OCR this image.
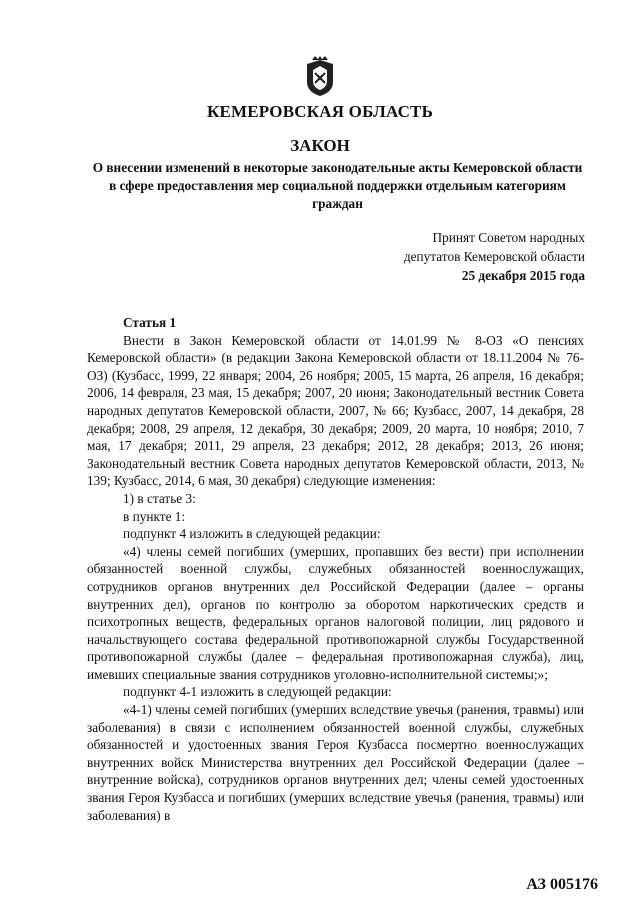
КЕМЕРОВСКАЯ ОБЛАСТЬ
ЗАКОН
О внесении изменений в некоторые законодательные акты Кемеровской области в сфере предоставления мер социальной поддержки отдельным категориям граждан
Принят Советом народных
депутатов Кемеровской области
25 декабря 2015 года
Статья 1

Внести в Закон Кемеровской области от 14.01.99 № 8-ОЗ «О пенсиях Кемеровской области» (в редакции Закона Кемеровской области от 18.11.2004 № 76-ОЗ) (Кузбасс, 1999, 22 января; 2004, 26 ноября; 2005, 15 марта, 26 апреля, 16 декабря; 2006, 14 февраля, 23 мая, 15 декабря; 2007, 20 июня; Законодательный вестник Совета народных депутатов Кемеровской области, 2007, № 66; Кузбасс, 2007, 14 декабря, 28 декабря; 2008, 29 апреля, 12 декабря, 30 декабря; 2009, 20 марта, 10 ноября; 2010, 7 мая, 17 декабря; 2011, 29 апреля, 23 декабря; 2012, 28 декабря; 2013, 26 июня; Законодательный вестник Совета народных депутатов Кемеровской области, 2013, № 139; Кузбасс, 2014, 6 мая, 30 декабря) следующие изменения:

1) в статье 3:

в пункте 1:

подпункт 4 изложить в следующей редакции:

«4) члены семей погибших (умерших, пропавших без вести) при исполнении обязанностей военной службы, служебных обязанностей военнослужащих, сотрудников органов внутренних дел Российской Федерации (далее – органы внутренних дел), органов по контролю за оборотом наркотических средств и психотропных веществ, федеральных органов налоговой полиции, лиц рядового и начальствующего состава федеральной противопожарной службы Государственной противопожарной службы (далее – федеральная противопожарная служба), лиц, имевших специальные звания сотрудников уголовно-исполнительной системы;»;

подпункт 4-1 изложить в следующей редакции:

«4-1) члены семей погибших (умерших вследствие увечья (ранения, травмы) или заболевания) в связи с исполнением обязанностей военной службы, служебных обязанностей и удостоенных звания Героя Кузбасса посмертно военнослужащих внутренних войск Министерства внутренних дел Российской Федерации (далее – внутренние войска), сотрудников органов внутренних дел; члены семей удостоенных звания Героя Кузбасса и погибших (умерших вследствие увечья (ранения, травмы) или заболевания) в

АЗ 005176
